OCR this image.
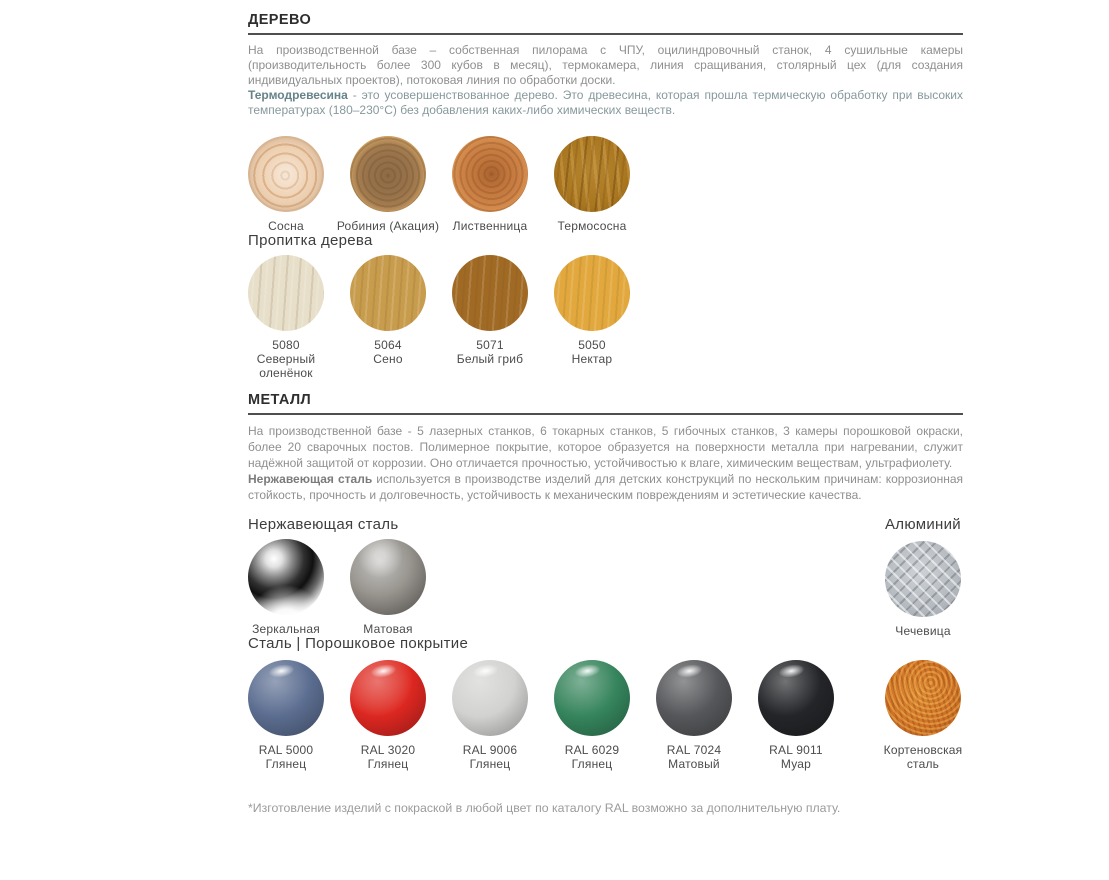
ДЕРЕВО

На производственной базе – собственная пилорама с ЧПУ, оцилиндровочный станок, 4 сушильные камеры (производительность более 300 кубов в месяц), термокамера, линия сращивания, столярный цех (для создания индивидуальных проектов), потоковая линия по обработки доски.

Термодревесина - это усовершенствованное дерево. Это древесина, которая прошла термическую обработку при высоких температурах (180–230°C) без добавления каких-либо химических веществ.

Сосна	Робиния (Акация) Лиственница	Термососна
Пропитка дерева
5080
Северный оленёнок
5064
Сено
5071
Белый гриб
5050
Нектар
МЕТАЛЛ

На производственной базе - 5 лазерных станков, 6 токарных станков, 5 гибочных станков, 3 камеры порошковой окраски, более 20 сварочных постов. Полимерное покрытие, которое образуется на поверхности металла при нагревании, служит надёжной защитой от коррозии. Оно отличается прочностью, устойчивостью к влаге, химическим веществам, ультрафиолету.

Нержавеющая сталь используется в производстве изделий для детских конструкций по нескольким причинам: коррозионная стойкость, прочность и долговечность, устойчивость к механическим повреждениям и эстетические качества.

Нержавеющая сталь
Зеркальная	Матовая
Алюминий
Чечевица
Сталь | Порошковое покрытие
RAL 5000
Глянец
RAL 3020
Глянец
RAL 9006
Глянец
RAL 6029
Глянец
RAL 7024
Матовый
RAL 9011
Муар
Кортеновская сталь

*Изготовление изделий с покраской в любой цвет по каталогу RAL возможно за дополнительную плату.
